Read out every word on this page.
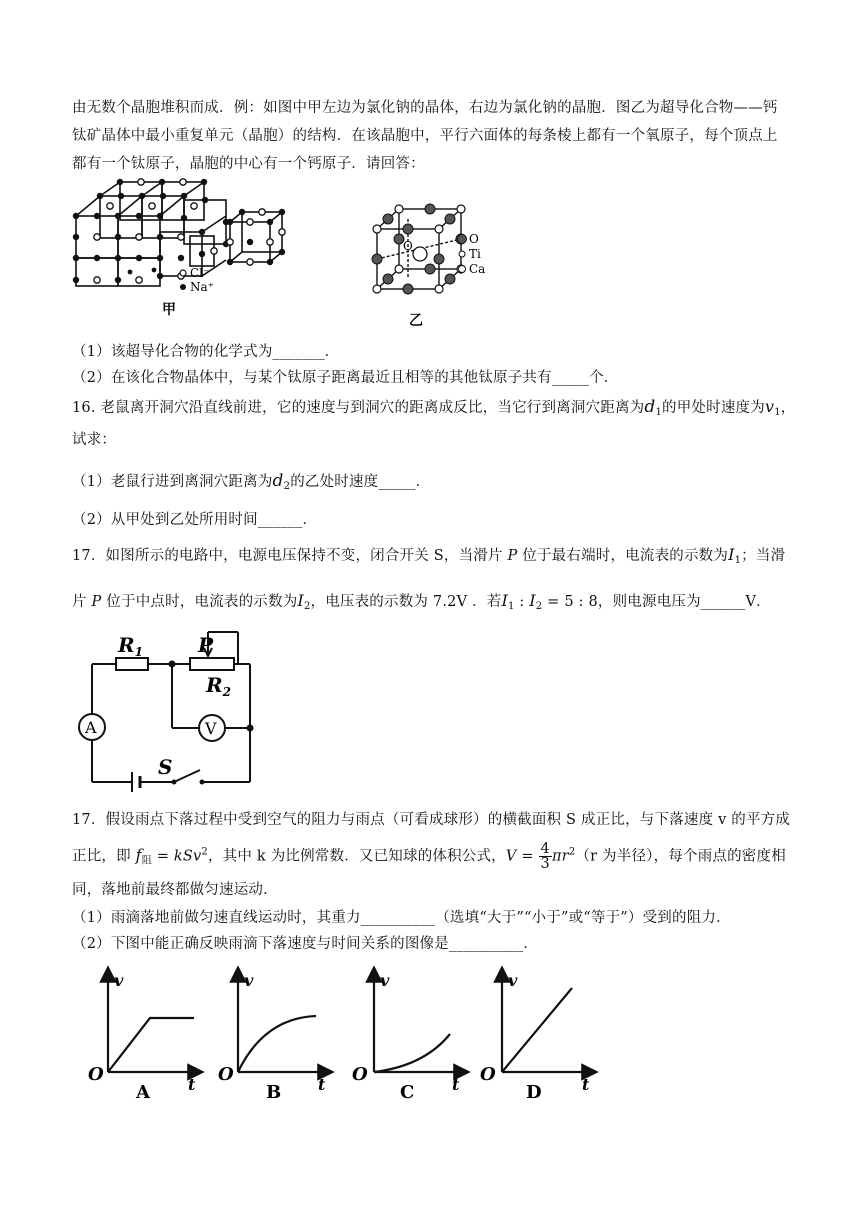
由无数个晶胞堆积而成．例：如图中甲左边为氯化钠的晶体，右边为氯化钠的晶胞．图乙为超导化合物——钙
钛矿晶体中最小重复单元（晶胞）的结构．在该晶胞中，平行六面体的每条棱上都有一个氧原子，每个顶点上
都有一个钛原子，晶胞的中心有一个钙原子．请回答：
Cl⁻
Na⁺
甲
O	O
Ti
Ca
乙
（1）该超导化合物的化学式为_______．
（2）在该化合物晶体中，与某个钛原子距离最近且相等的其他钛原子共有_____个．
16. 老鼠离开洞穴沿直线前进，它的速度与到洞穴的距离成反比，当它行到离洞穴距离为$d_1$的甲处时速度为$v_1$，
试求：
（1）老鼠行进到离洞穴距离为$d_2$的乙处时速度_____．
（2）从甲处到乙处所用时间______．
17．如图所示的电路中，电源电压保持不变，闭合开关 S，当滑片 P 位于最右端时，电流表的示数为$I_1$；当滑
片 P 位于中点时，电流表的示数为$I_2$，电压表的示数为 7.2V ．若$I_1$ : $I_2 = 5$ : 8，则电源电压为______V．
$R_1$	P
$R_2$
A	V
S
17．假设雨点下落过程中受到空气的阻力与雨点（可看成球形）的横截面积 S 成正比，与下落速度 v 的平方成
正比，即 $f_阻 = kSv^2$，其中 k 为比例常数．又已知球的体积公式，$V = \frac{4}{3} \pi r^2(r$ 为半径），每个雨点的密度相
同，落地前最终都做匀速运动．
（1）雨滴落地前做匀速直线运动时，其重力__________（选填“大于”“小于”或“等于”）受到的阻力．
（2）下图中能正确反映雨滴下落速度与时间关系的图像是__________．
v
t
O
A
v
t
O
B
v
t
O
C
v
t
O
D
